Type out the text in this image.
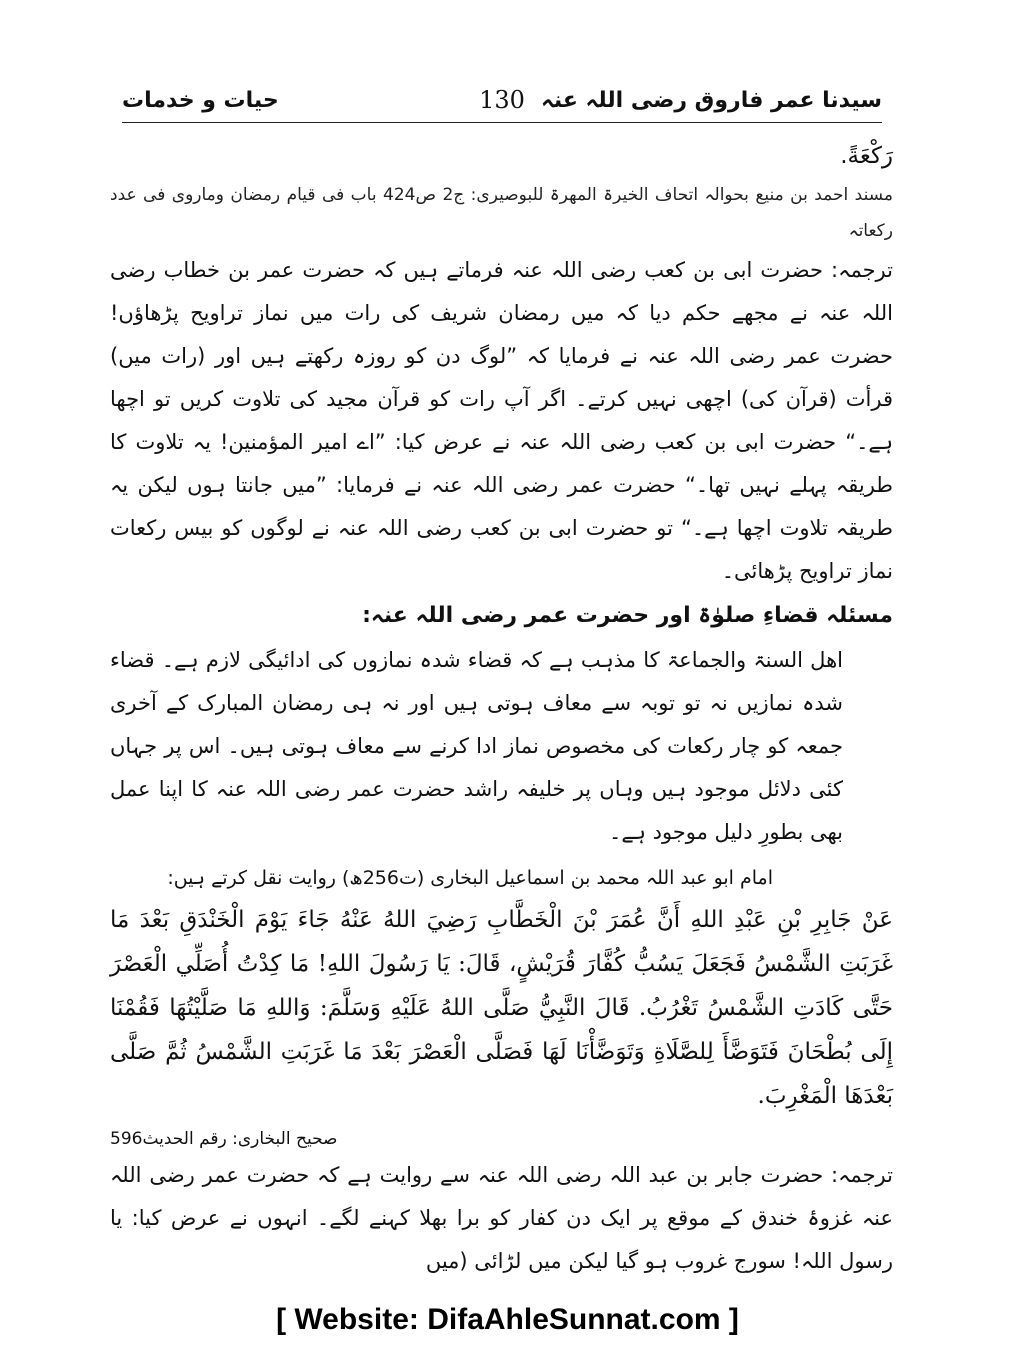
سیدنا عمر فاروق رضی اللہ عنہ
130
حیات و خدمات

رَكْعَةً.

مسند احمد بن منیع بحوالہ اتحاف الخیرۃ المھرۃ للبوصیری: ج2 ص424 باب فی قیام رمضان وماروی فی عدد رکعاتہ

ترجمہ: حضرت ابی بن کعب رضی اللہ عنہ فرماتے ہیں کہ حضرت عمر بن خطاب رضی اللہ عنہ نے مجھے حکم دیا کہ میں رمضان شریف کی رات میں نماز تراویح پڑھاؤں! حضرت عمر رضی اللہ عنہ نے فرمایا کہ ”لوگ دن کو روزہ رکھتے ہیں اور (رات میں) قرأت (قرآن کی) اچھی نہیں کرتے۔ اگر آپ رات کو قرآن مجید کی تلاوت کریں تو اچھا ہے۔“ حضرت ابی بن کعب رضی اللہ عنہ نے عرض کیا: ”اے امیر المؤمنین! یہ تلاوت کا طریقہ پہلے نہیں تھا۔“ حضرت عمر رضی اللہ عنہ نے فرمایا: ”میں جانتا ہوں لیکن یہ طریقہ تلاوت اچھا ہے۔“ تو حضرت ابی بن کعب رضی اللہ عنہ نے لوگوں کو بیس رکعات نماز تراویح پڑھائی۔

مسئلہ قضاءِ صلوٰۃ اور حضرت عمر رضی اللہ عنہ:

اھل السنۃ والجماعۃ کا مذہب ہے کہ قضاء شدہ نمازوں کی ادائیگی لازم ہے۔ قضاء شدہ نمازیں نہ تو توبہ سے معاف ہوتی ہیں اور نہ ہی رمضان المبارک کے آخری جمعہ کو چار رکعات کی مخصوص نماز ادا کرنے سے معاف ہوتی ہیں۔ اس پر جہاں کئی دلائل موجود ہیں وہاں پر خلیفہ راشد حضرت عمر رضی اللہ عنہ کا اپنا عمل بھی بطورِ دلیل موجود ہے۔

امام ابو عبد اللہ محمد بن اسماعیل البخاری (ت256ھ) روایت نقل کرتے ہیں:

عَنْ جَابِرِ بْنِ عَبْدِ اللهِ أَنَّ عُمَرَ بْنَ الْخَطَّابِ رَضِيَ اللهُ عَنْهُ جَاءَ يَوْمَ الْخَنْدَقِ بَعْدَ مَا غَرَبَتِ الشَّمْسُ فَجَعَلَ يَسُبُّ كُفَّارَ قُرَيْشٍ، قَالَ: يَا رَسُولَ اللهِ! مَا كِدْتُ أُصَلِّي الْعَصْرَ حَتَّى كَادَتِ الشَّمْسُ تَغْرُبُ. قَالَ النَّبِيُّ صَلَّى اللهُ عَلَيْهِ وَسَلَّمَ: وَاللهِ مَا صَلَّيْتُهَا فَقُمْنَا إِلَى بُطْحَانَ فَتَوَضَّأَ لِلصَّلَاةِ وَتَوَضَّأْنَا لَهَا فَصَلَّى الْعَصْرَ بَعْدَ مَا غَرَبَتِ الشَّمْسُ ثُمَّ صَلَّى بَعْدَهَا الْمَغْرِبَ.

صحیح البخاری: رقم الحدیث596

ترجمہ: حضرت جابر بن عبد اللہ رضی اللہ عنہ سے روایت ہے کہ حضرت عمر رضی اللہ عنہ غزوۂ خندق کے موقع پر ایک دن کفار کو برا بھلا کہنے لگے۔ انہوں نے عرض کیا: یا رسول اللہ! سورج غروب ہو گیا لیکن میں لڑائی (میں

[ Website: DifaAhleSunnat.com ]
